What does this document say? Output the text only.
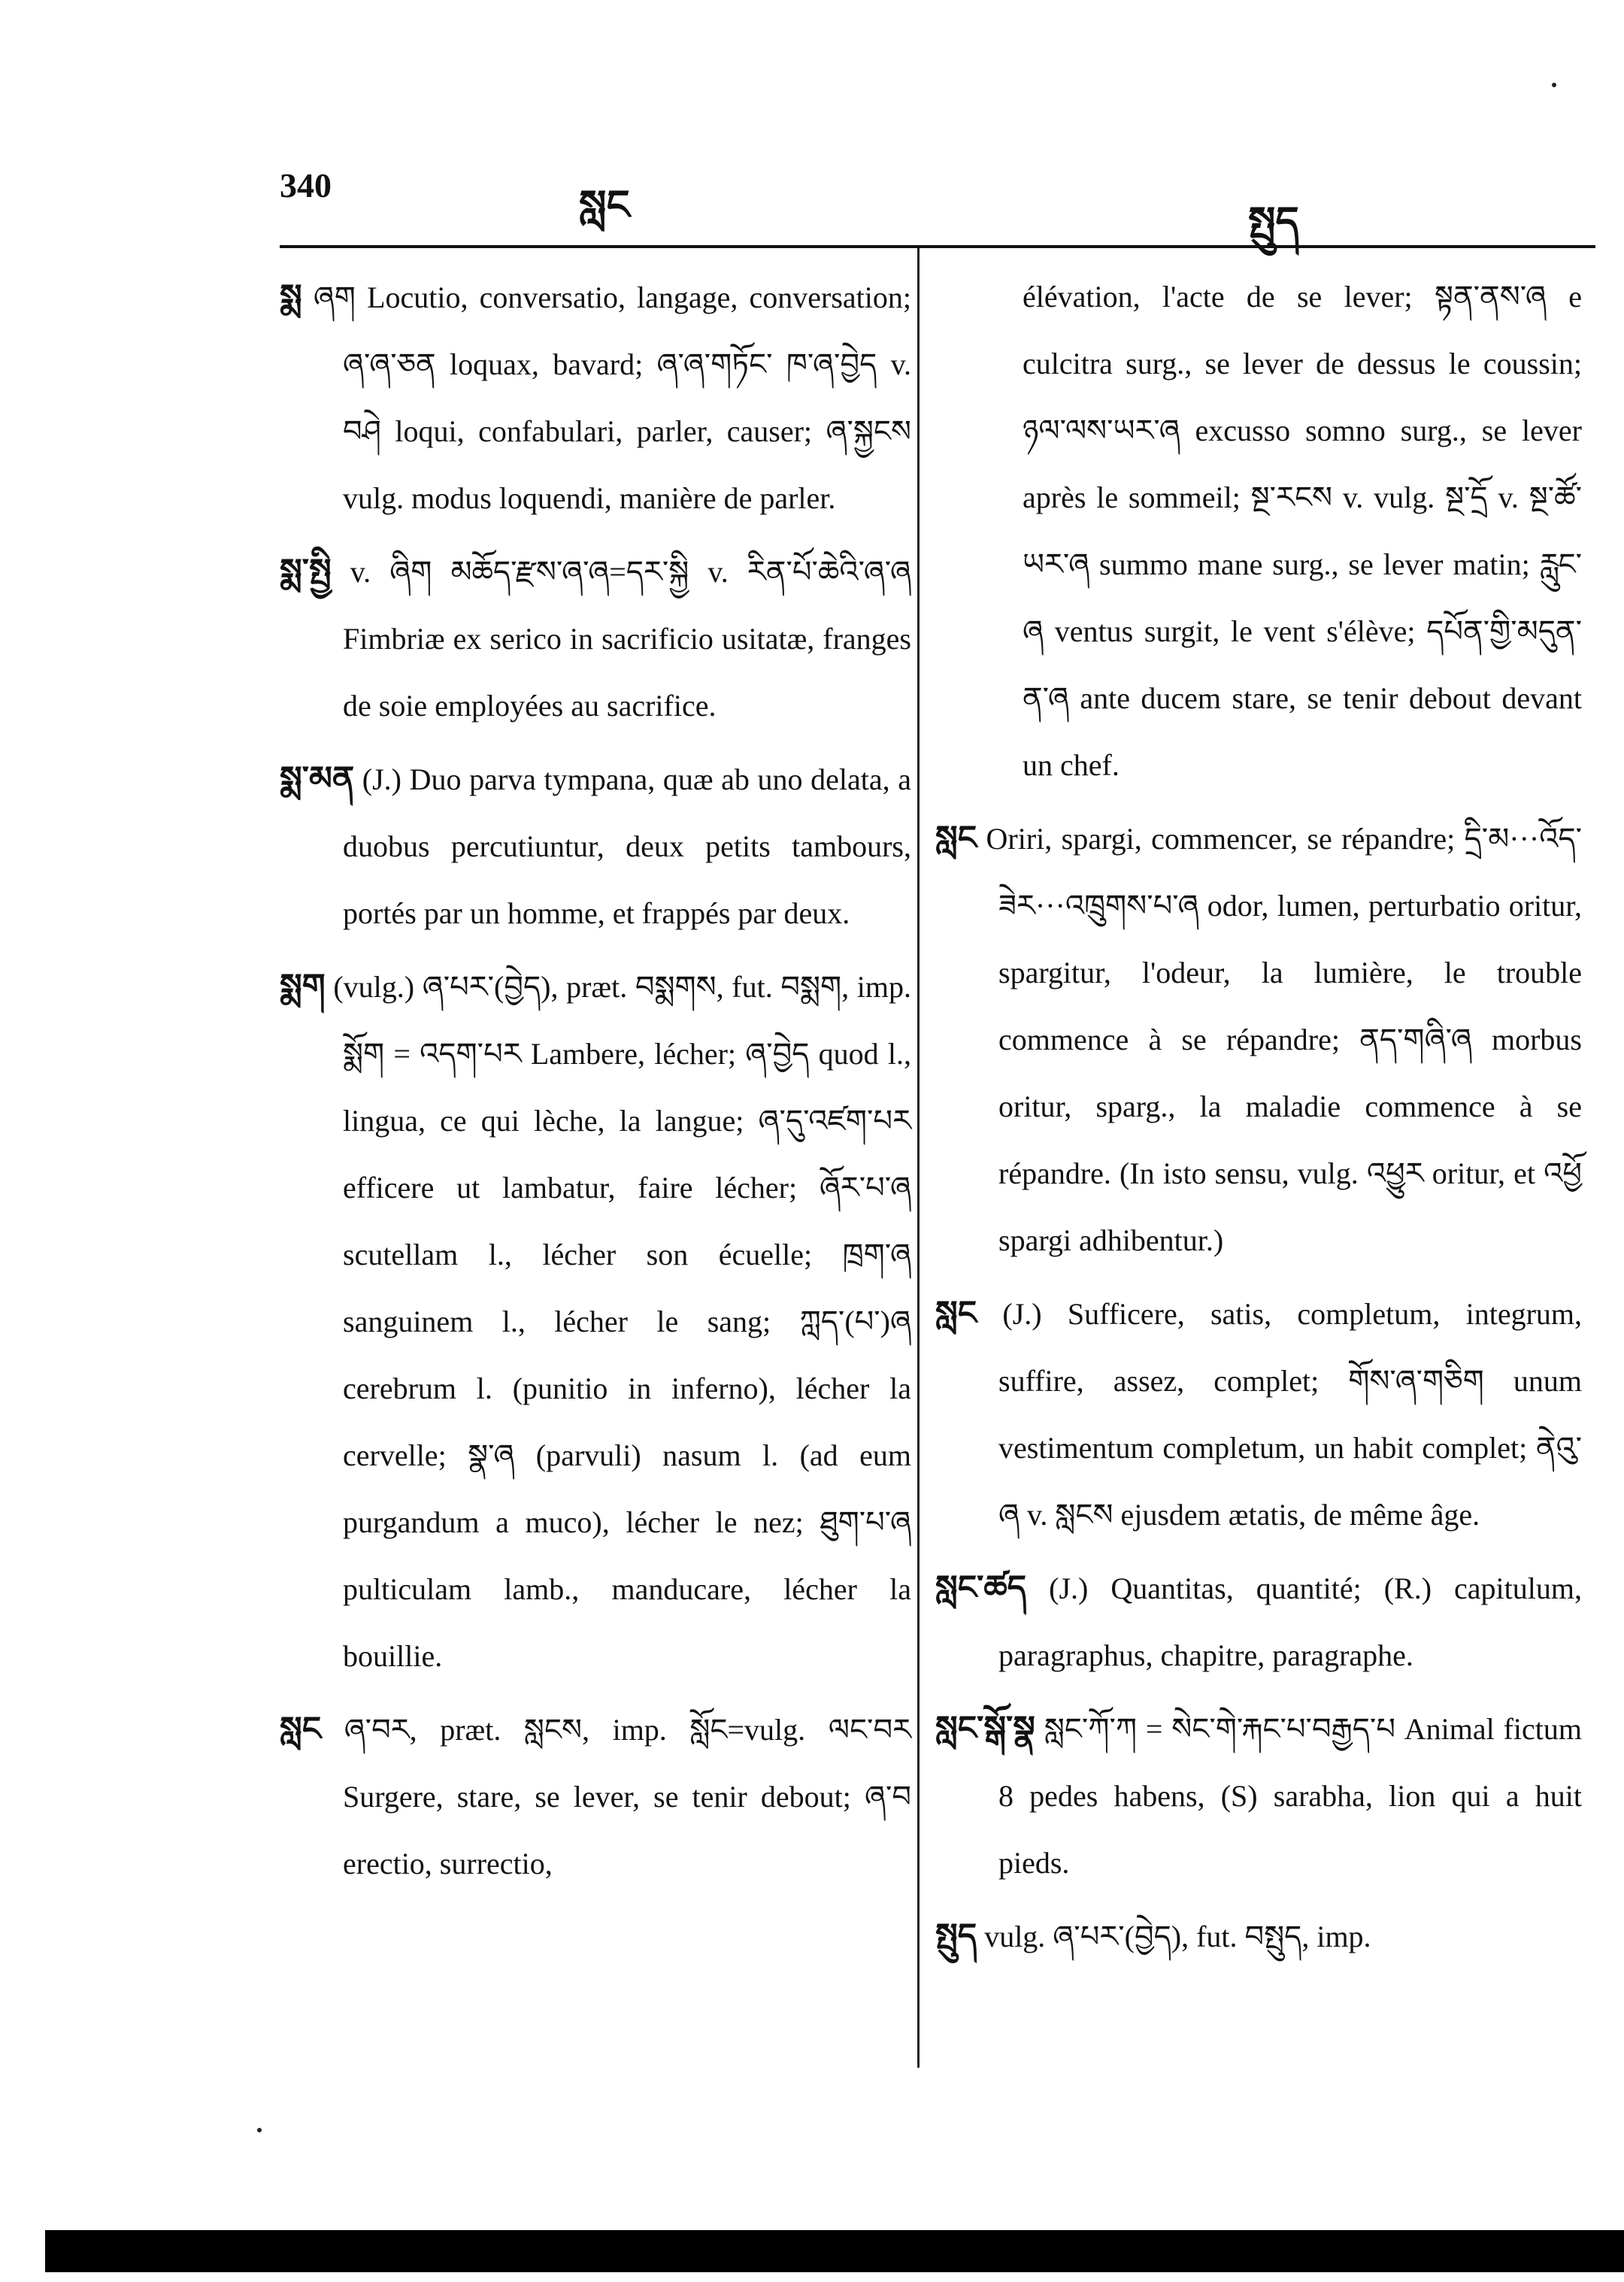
340	སླང	སྤུད

སྨ ཞག Locutio, conversatio, langage, conversation; ཞ་ཞ་ཅན loquax, bavard; ཞ་ཞ་གཏོང་ ཁ་ཞ་བྱེད v. བཤེ loqui, confabulari, parler, causer; ཞ་སྐྱངས vulg. modus loquendi, manière de parler.

སྨ་སྤྱི v. ཞིག མཆོད་རྫས་ཞ་ཞ=དར་སྐྱི v. རིན་པོ་ཆེའི་ཞ་ཞ Fimbriæ ex serico in sacrificio usitatæ, franges de soie employées au sacrifice.

སྨ་མན (J.) Duo parva tympana, quæ ab uno delata, a duobus percutiuntur, deux petits tambours, portés par un homme, et frappés par deux.

སྨག (vulg.) ཞ་པར་(བྱེད), præt. བསྨགས, fut. བསྨག, imp. སྨོག = འདག་པར Lambere, lécher; ཞ་བྱེད quod l., lingua, ce qui lèche, la langue; ཞ་དུ་འཛག་པར efficere ut lambatur, faire lécher; ཞོར་པ་ཞ scutellam l., lécher son écuelle; ཁྲག་ཞ sanguinem l., lécher le sang; ཀླད་(པ་)ཞ cerebrum l. (punitio in inferno), lécher la cervelle; སྣ་ཞ (parvuli) nasum l. (ad eum purgandum a muco), lécher le nez; ཐུག་པ་ཞ pulticulam lamb., manducare, lécher la bouillie.

སླང ཞ་བར, præt. སླངས, imp. སློང=vulg. ལང་བར Surgere, stare, se lever, se tenir debout; ཞ་བ erectio, surrectio,

élévation, l'acte de se lever; སྟན་ནས་ཞ e culcitra surg., se lever de dessus le coussin; ཉལ་ལས་ཡར་ཞ excusso somno surg., se lever après le sommeil; སྔ་རངས v. vulg. སྔ་དྲོ v. སྔ་ཚོ་ཡར་ཞ summo mane surg., se lever matin; རླུང་ཞ ventus surgit, le vent s'élève; དཔོན་གྱི་མདུན་ན་ཞ ante ducem stare, se tenir debout devant un chef.

སླང Oriri, spargi, commencer, se répandre; དྲི་མ···འོད་ཟེར···འཁྲུགས་པ་ཞ odor, lumen, perturbatio oritur, spargitur, l'odeur, la lumière, le trouble commence à se répandre; ནད་གཞི་ཞ morbus oritur, sparg., la maladie commence à se répandre. (In isto sensu, vulg. འཕྱུར oritur, et འཕྱོ spargi adhibentur.)

སླང (J.) Sufficere, satis, completum, integrum, suffire, assez, complet; གོས་ཞ་གཅིག unum vestimentum completum, un habit complet; ནེའུ་ཞ v. སླངས ejusdem ætatis, de même âge.

སླང་ཚད (J.) Quantitas, quantité; (R.) capitulum, paragraphus, chapitre, paragraphe.

སླང་སྒོ་སྣ སླང་ཀོ་ཀ = སེང་གེ་རྐང་པ་བརྒྱད་པ Animal fictum 8 pedes habens, (S) sarabha, lion qui a huit pieds.

སྤུད vulg. ཞ་པར་(བྱེད), fut. བསྤུད, imp.
